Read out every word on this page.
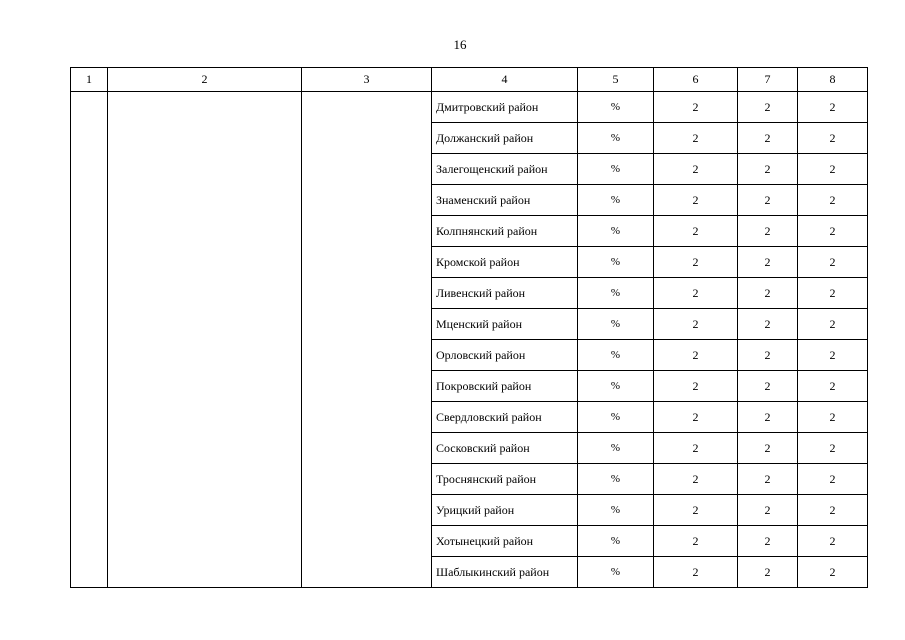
16
1	2	3	4	5	6	7	8
			Дмитровский район	%	2	2	2
			Должанский район	%	2	2	2
			Залегощенский район	%	2	2	2
			Знаменский район	%	2	2	2
			Колпнянский район	%	2	2	2
			Кромской район	%	2	2	2
			Ливенский район	%	2	2	2
			Мценский район	%	2	2	2
			Орловский район	%	2	2	2
			Покровский район	%	2	2	2
			Свердловский район	%	2	2	2
			Сосковский район	%	2	2	2
			Троснянский район	%	2	2	2
			Урицкий район	%	2	2	2
			Хотынецкий район	%	2	2	2
			Шаблыкинский район	%	2	2	2
